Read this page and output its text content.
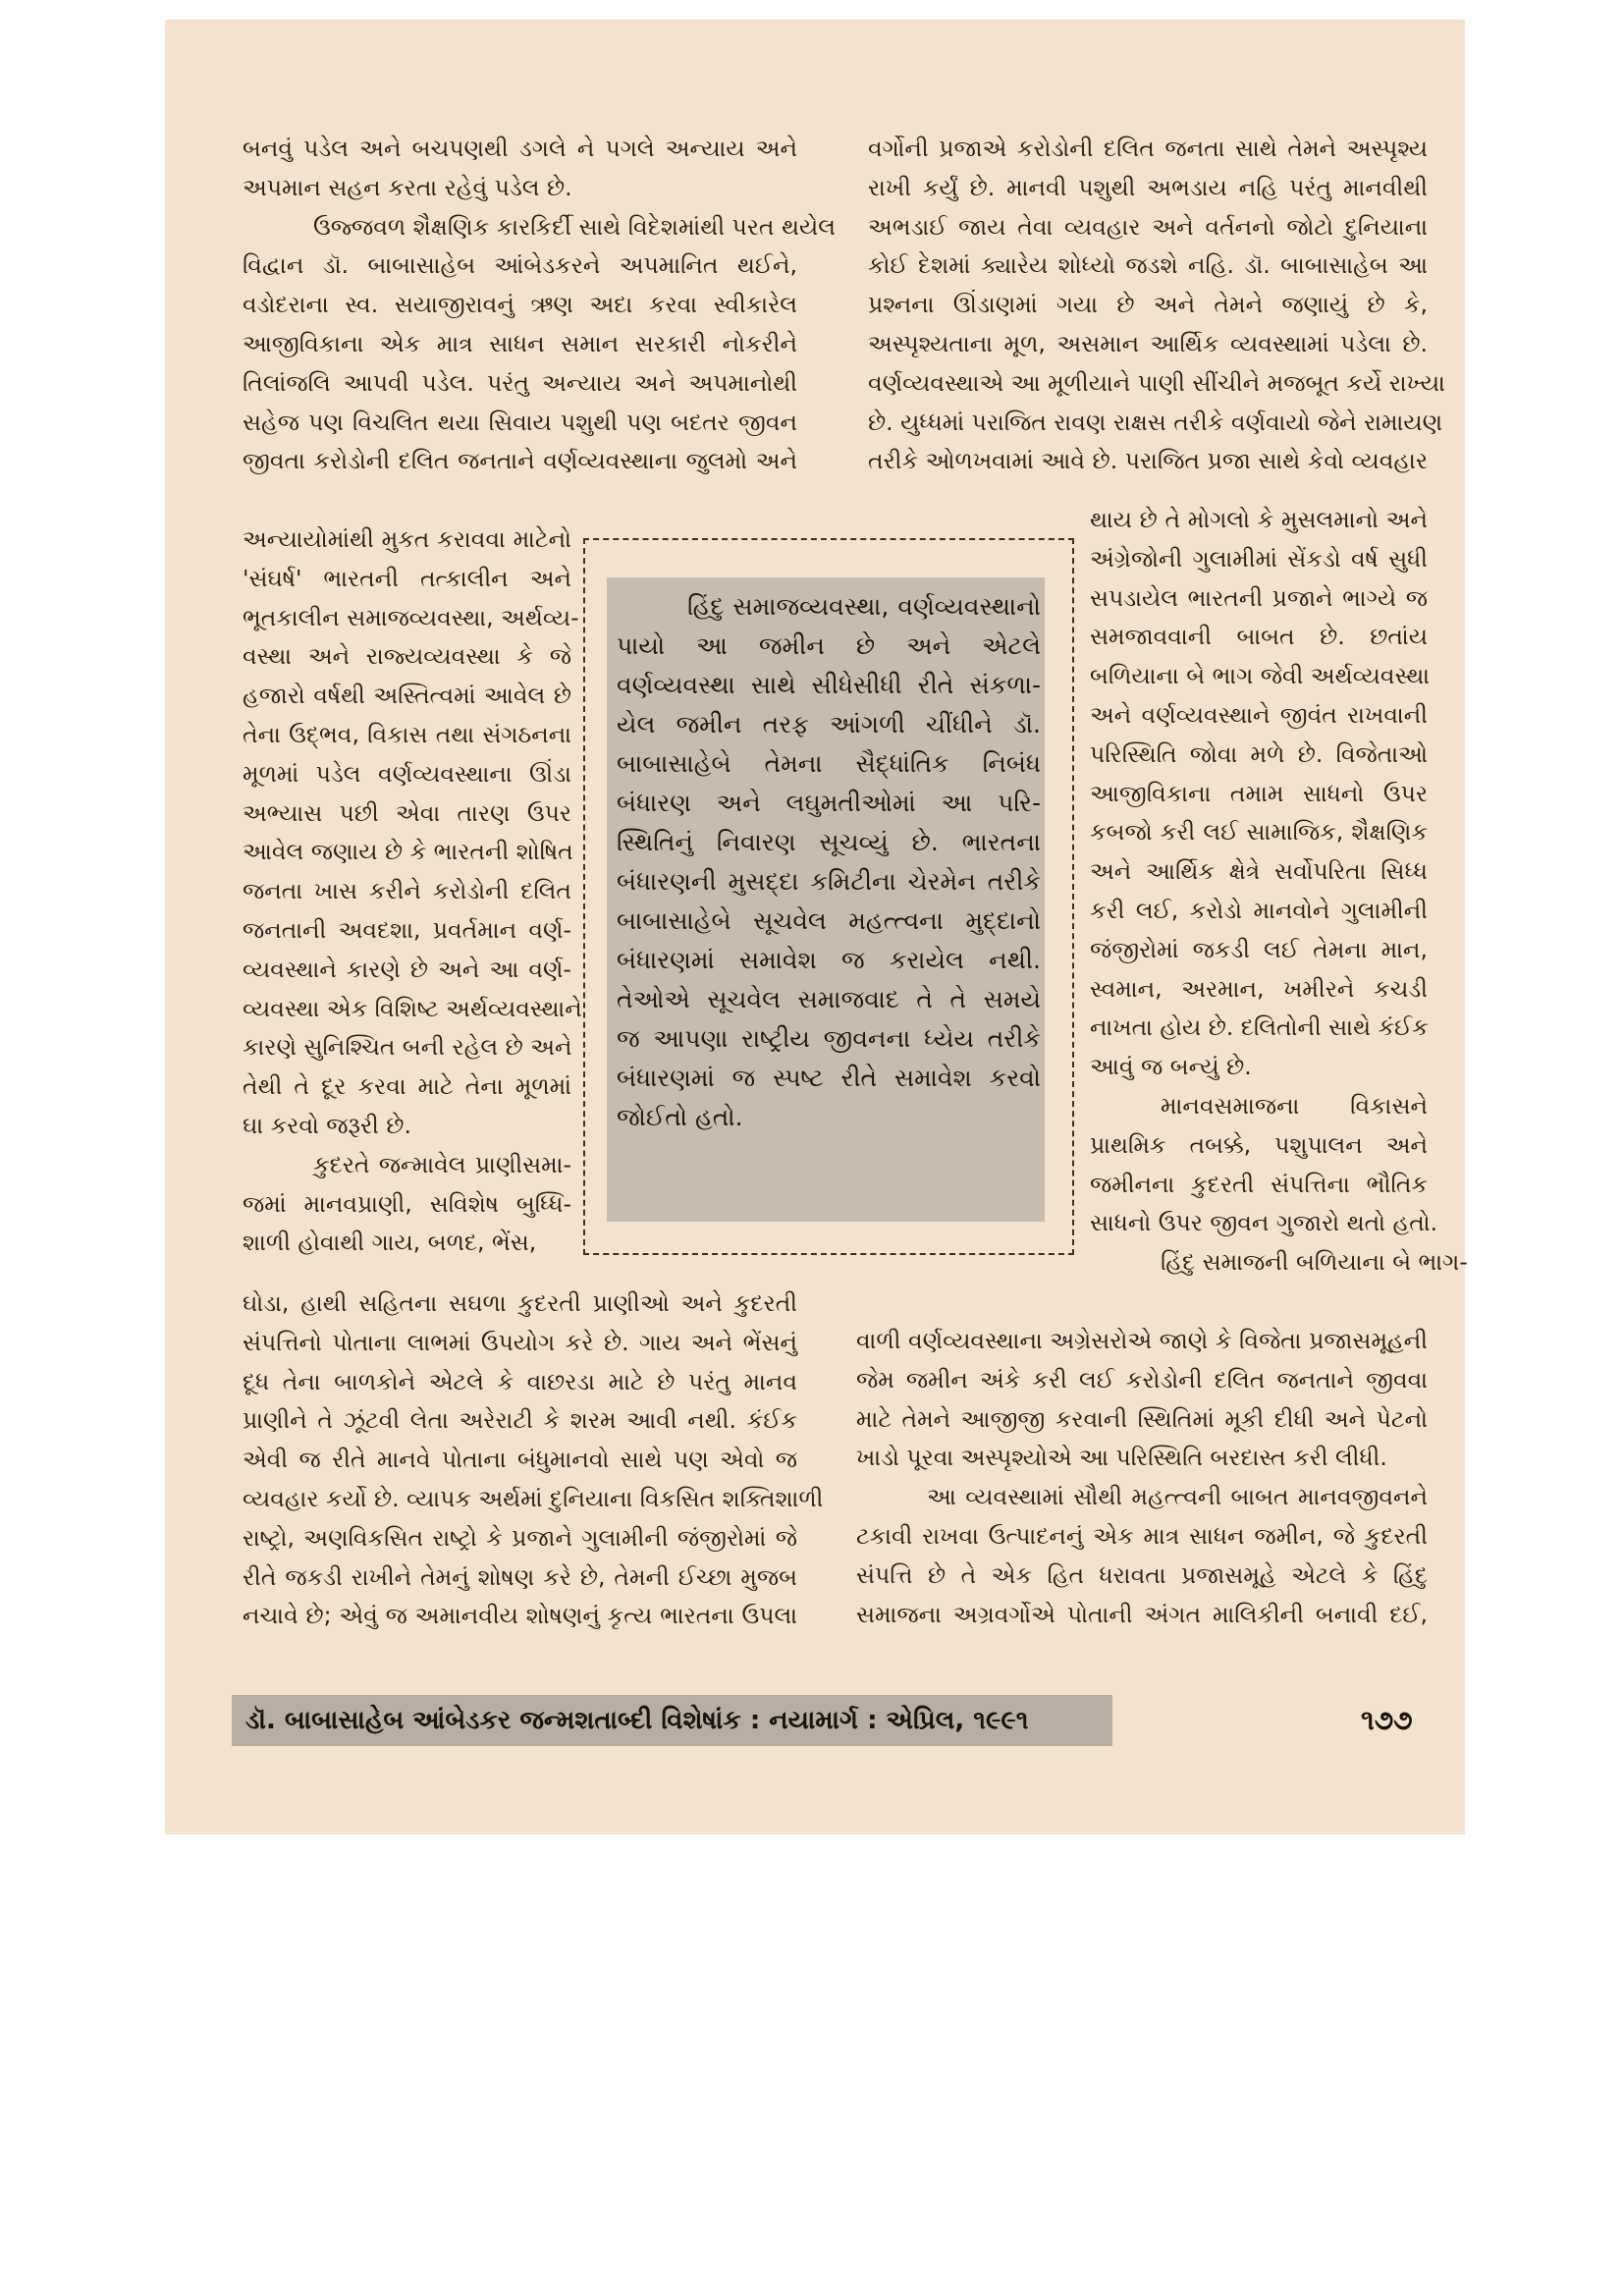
બનવું પડેલ અને બચપણથી ડગલે ને પગલે અન્યાય અને
અપમાન સહન કરતા રહેવું પડેલ છે.
ઉજ્જવળ શૈક્ષણિક કારકિર્દી સાથે વિદેશમાંથી પરત થયેલ
વિદ્વાન ડૉ. બાબાસાહેબ આંબેડકરને અપમાનિત થઈને,
વડોદરાના સ્વ. સયાજીરાવનું ઋણ અદા કરવા સ્વીકારેલ
આજીવિકાના એક માત્ર સાધન સમાન સરકારી નોકરીને
તિલાંજલિ આપવી પડેલ. પરંતુ અન્યાય અને અપમાનોથી
સહેજ પણ વિચલિત થયા સિવાય પશુથી પણ બદતર જીવન
જીવતા કરોડોની દલિત જનતાને વર્ણવ્યવસ્થાના જુલમો અને
અન્યાયોમાંથી મુકત કરાવવા માટેનો
'સંઘર્ષ' ભારતની તત્કાલીન અને
ભૂતકાલીન સમાજવ્યવસ્થા, અર્થવ્ય-
વસ્થા અને રાજ્યવ્યવસ્થા કે જે
હજારો વર્ષથી અસ્તિત્વમાં આવેલ છે
તેના ઉદ્‌ભવ, વિકાસ તથા સંગઠનના
મૂળમાં પડેલ વર્ણવ્યવસ્થાના ઊંડા
અભ્યાસ પછી એવા તારણ ઉપર
આવેલ જણાય છે કે ભારતની શોષિત
જનતા ખાસ કરીને કરોડોની દલિત
જનતાની અવદશા, પ્રવર્તમાન વર્ણ-
વ્યવસ્થાને કારણે છે અને આ વર્ણ-
વ્યવસ્થા એક વિશિષ્ટ અર્થવ્યવસ્થાને
કારણે સુનિશ્ચિત બની રહેલ છે અને
તેથી તે દૂર કરવા માટે તેના મૂળમાં
ઘા કરવો જરૂરી છે.
કુદરતે જન્માવેલ પ્રાણીસમા-
જમાં માનવપ્રાણી, સવિશેષ બુધ્ધિ-
શાળી હોવાથી ગાય, બળદ, ભેંસ,
ઘોડા, હાથી સહિતના સઘળા કુદરતી પ્રાણીઓ અને કુદરતી
સંપત્તિનો પોતાના લાભમાં ઉપયોગ કરે છે. ગાય અને ભેંસનું
દૂધ તેના બાળકોને એટલે કે વાછરડા માટે છે પરંતુ માનવ
પ્રાણીને તે ઝૂંટવી લેતા અરેરાટી કે શરમ આવી નથી. કંઈક
એવી જ રીતે માનવે પોતાના બંધુમાનવો સાથે પણ એવો જ
વ્યવહાર કર્યો છે. વ્યાપક અર્થમાં દુનિયાના વિકસિત શક્તિશાળી
રાષ્ટ્રો, અણવિકસિત રાષ્ટ્રો કે પ્રજાને ગુલામીની જંજીરોમાં જે
રીતે જકડી રાખીને તેમનું શોષણ કરે છે, તેમની ઈચ્છા મુજબ
નચાવે છે; એવું જ અમાનવીય શોષણનું કૃત્ય ભારતના ઉપલા
વર્ગોની પ્રજાએ કરોડોની દલિત જનતા સાથે તેમને અસ્પૃશ્ય
રાખી કર્યું છે. માનવી પશુથી અભડાય નહિ પરંતુ માનવીથી
અભડાઈ જાય તેવા વ્યવહાર અને વર્તનનો જોટો દુનિયાના
કોઈ દેશમાં ક્યારેય શોધ્યો જડશે નહિ. ડૉ. બાબાસાહેબ આ
પ્રશ્નના ઊંડાણમાં ગયા છે અને તેમને જણાયું છે કે,
અસ્પૃશ્યતાના મૂળ, અસમાન આર્થિક વ્યવસ્થામાં પડેલા છે.
વર્ણવ્યવસ્થાએ આ મૂળીયાને પાણી સીંચીને મજબૂત કર્યે રાખ્યા
છે. યુધ્ધમાં પરાજિત રાવણ રાક્ષસ તરીકે વર્ણવાયો જેને રામાયણ
તરીકે ઓળખવામાં આવે છે. પરાજિત પ્રજા સાથે કેવો વ્યવહાર
થાય છે તે મોગલો કે મુસલમાનો અને
અંગ્રેજોની ગુલામીમાં સેંકડો વર્ષ સુધી
સપડાયેલ ભારતની પ્રજાને ભાગ્યે જ
સમજાવવાની બાબત છે. છતાંય
બળિયાના બે ભાગ જેવી અર્થવ્યવસ્થા
અને વર્ણવ્યવસ્થાને જીવંત રાખવાની
પરિસ્થિતિ જોવા મળે છે. વિજેતાઓ
આજીવિકાના તમામ સાધનો ઉપર
કબજો કરી લઈ સામાજિક, શૈક્ષણિક
અને આર્થિક ક્ષેત્રે સર્વોપરિતા સિધ્ધ
કરી લઈ, કરોડો માનવોને ગુલામીની
જંજીરોમાં જકડી લઈ તેમના માન,
સ્વમાન, અરમાન, ખમીરને કચડી
નાખતા હોય છે. દલિતોની સાથે કંઈક
આવું જ બન્યું છે.
માનવસમાજના વિકાસને
પ્રાથમિક તબક્કે, પશુપાલન અને
જમીનના કુદરતી સંપત્તિના ભૌતિક
સાધનો ઉપર જીવન ગુજારો થતો હતો.
હિંદુ સમાજની બળિયાના બે ભાગ-
વાળી વર્ણવ્યવસ્થાના અગ્રેસરોએ જાણે કે વિજેતા પ્રજાસમૂહની
જેમ જમીન અંકે કરી લઈ કરોડોની દલિત જનતાને જીવવા
માટે તેમને આજીજી કરવાની સ્થિતિમાં મૂકી દીધી અને પેટનો
ખાડો પૂરવા અસ્પૃશ્યોએ આ પરિસ્થિતિ બરદાસ્ત કરી લીધી.
આ વ્યવસ્થામાં સૌથી મહત્ત્વની બાબત માનવજીવનને
ટકાવી રાખવા ઉત્પાદનનું એક માત્ર સાધન જમીન, જે કુદરતી
સંપત્તિ છે તે એક હિત ધરાવતા પ્રજાસમૂહે એટલે કે હિંદુ
સમાજના અગ્રવર્ગોએ પોતાની અંગત માલિકીની બનાવી દઈ,
હિંદુ સમાજવ્યવસ્થા, વર્ણવ્યવસ્થાનો
પાયો આ જમીન છે અને એટલે
વર્ણવ્યવસ્થા સાથે સીધેસીધી રીતે સંકળા-
યેલ જમીન તરફ આંગળી ચીંધીને ડૉ.
બાબાસાહેબે તેમના સૈદ્ધાંતિક નિબંધ
બંધારણ અને લઘુમતીઓમાં આ પરિ-
સ્થિતિનું નિવારણ સૂચવ્યું છે. ભારતના
બંધારણની મુસદ્દા કમિટીના ચેરમેન તરીકે
બાબાસાહેબે સૂચવેલ મહત્ત્વના મુદ્દાનો
બંધારણમાં સમાવેશ જ કરાયેલ નથી.
તેઓએ સૂચવેલ સમાજવાદ તે તે સમયે
જ આપણા રાષ્ટ્રીય જીવનના ધ્યેય તરીકે
બંધારણમાં જ સ્પષ્ટ રીતે સમાવેશ કરવો
જોઈતો હતો.
ડૉ. બાબાસાહેબ આંબેડકર જન્મશતાબ્દી વિશેષાંક : નયામાર્ગ : એપ્રિલ, ૧૯૯૧	૧૭૭
